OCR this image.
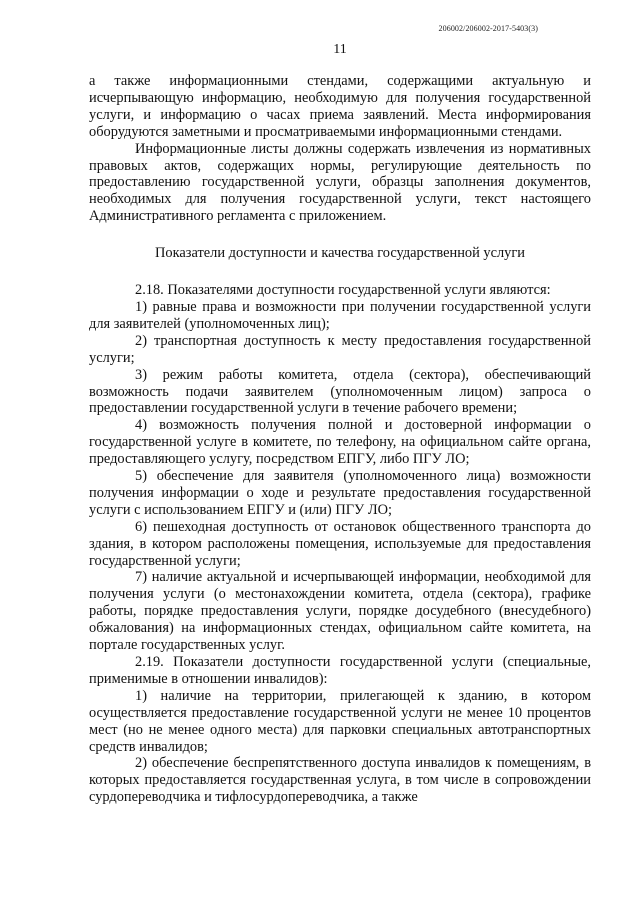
206002/206002-2017-5403(3)
11

а также информационными стендами, содержащими актуальную и исчерпывающую информацию, необходимую для получения государственной услуги, и информацию о часах приема заявлений. Места информирования оборудуются заметными и просматриваемыми информационными стендами.

Информационные листы должны содержать извлечения из нормативных правовых актов, содержащих нормы, регулирующие деятельность по предоставлению государственной услуги, образцы заполнения документов, необходимых для получения государственной услуги, текст настоящего Административного регламента с приложением.

Показатели доступности и качества государственной услуги

2.18. Показателями доступности государственной услуги являются:

1) равные права и возможности при получении государственной услуги для заявителей (уполномоченных лиц);

2) транспортная доступность к месту предоставления государственной услуги;

3) режим работы комитета, отдела (сектора), обеспечивающий возможность подачи заявителем (уполномоченным лицом) запроса о предоставлении государственной услуги в течение рабочего времени;

4) возможность получения полной и достоверной информации о государственной услуге в комитете, по телефону, на официальном сайте органа, предоставляющего услугу, посредством ЕПГУ, либо ПГУ ЛО;

5) обеспечение для заявителя (уполномоченного лица) возможности получения информации о ходе и результате предоставления государственной услуги с использованием ЕПГУ и (или) ПГУ ЛО;

6) пешеходная доступность от остановок общественного транспорта до здания, в котором расположены помещения, используемые для предоставления государственной услуги;

7) наличие актуальной и исчерпывающей информации, необходимой для получения услуги (о местонахождении комитета, отдела (сектора), графике работы, порядке предоставления услуги, порядке досудебного (внесудебного) обжалования) на информационных стендах, официальном сайте комитета, на портале государственных услуг.

2.19. Показатели доступности государственной услуги (специальные, применимые в отношении инвалидов):

1) наличие на территории, прилегающей к зданию, в котором осуществляется предоставление государственной услуги не менее 10 процентов мест (но не менее одного места) для парковки специальных автотранспортных средств инвалидов;

2) обеспечение беспрепятственного доступа инвалидов к помещениям, в которых предоставляется государственная услуга, в том числе в сопровождении сурдопереводчика и тифлосурдопереводчика, а также
